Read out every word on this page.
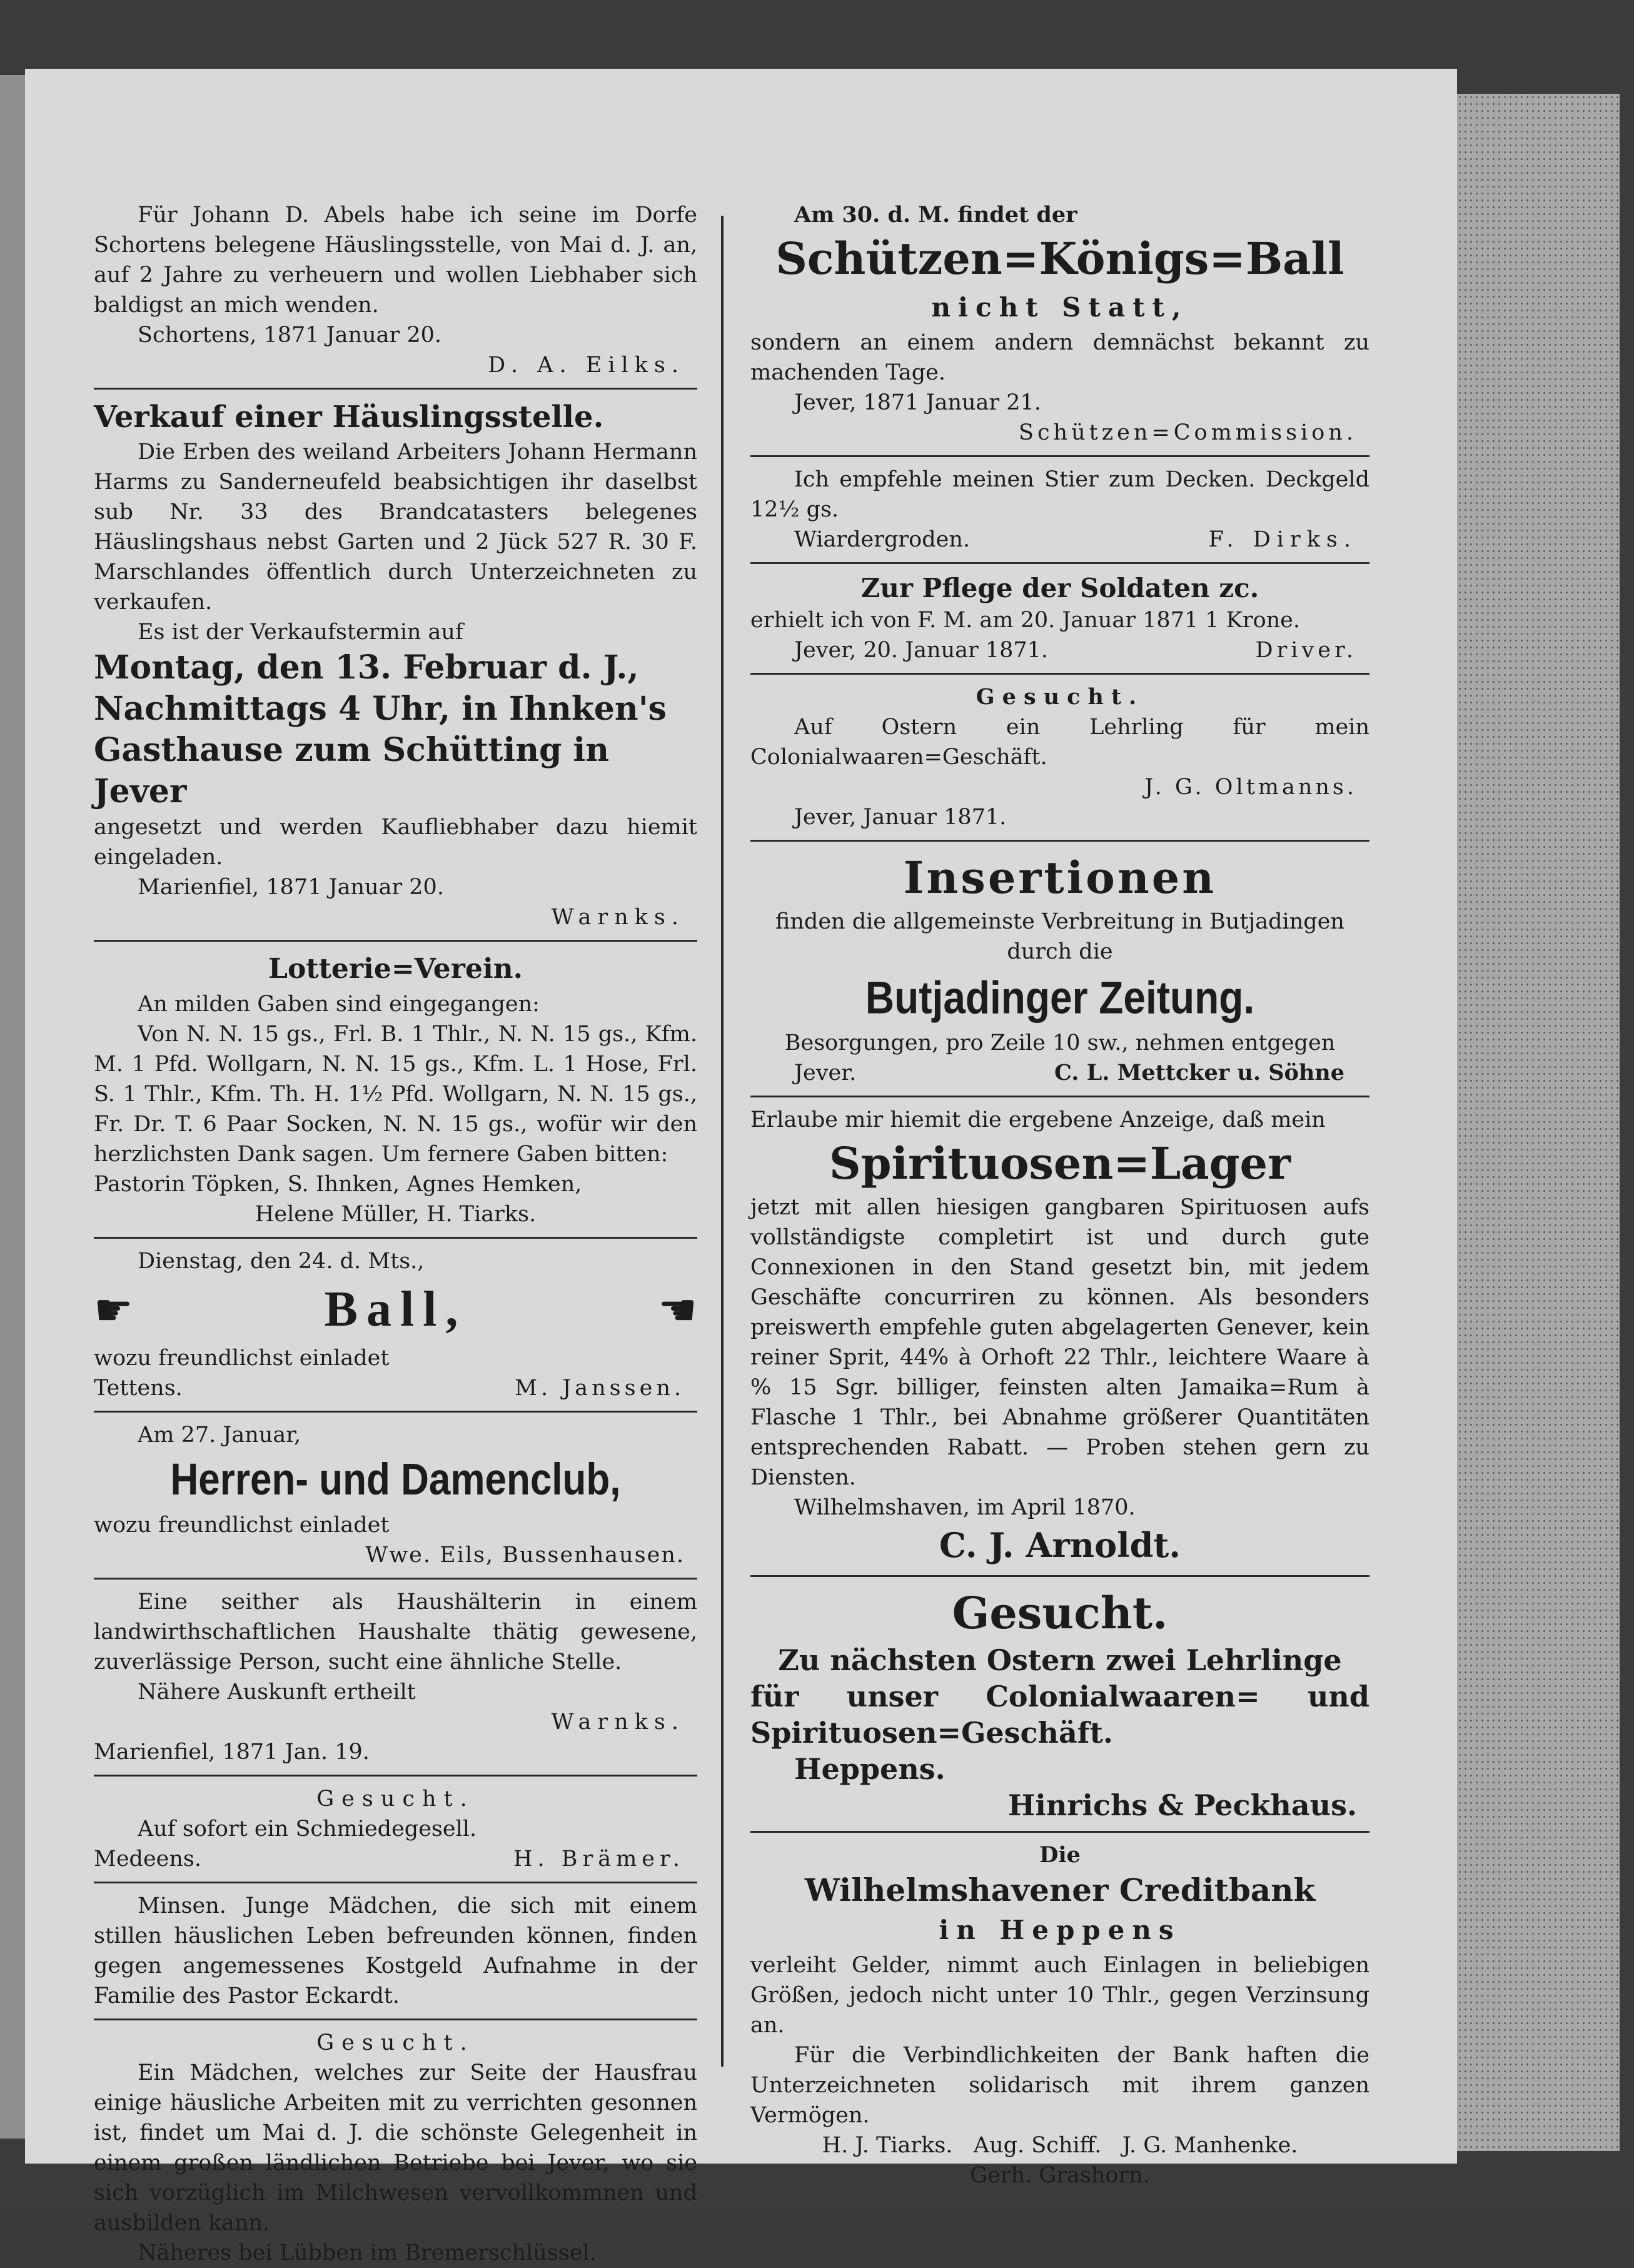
Für Johann D. Abels habe ich seine im Dorfe Schortens belegene Häuslingsstelle, von Mai d. J. an, auf 2 Jahre zu verheuern und wollen Liebhaber sich baldigst an mich wenden.

Schortens, 1871 Januar 20.

D. A. Eilks.
Verkauf einer Häuslingsstelle.

Die Erben des weiland Arbeiters Johann Hermann Harms zu Sanderneufeld beabsichtigen ihr daselbst sub Nr. 33 des Brandcatasters belegenes Häuslingshaus nebst Garten und 2 Jück 527 R. 30 F. Marschlandes öffentlich durch Unterzeichneten zu verkaufen.

Es ist der Verkaufstermin auf

Montag, den 13. Februar d. J.,
Nachmittags 4 Uhr, in Ihnken's
Gasthause zum Schütting in Jever

angesetzt und werden Kaufliebhaber dazu hiemit eingeladen.

Marienfiel, 1871 Januar 20.

Warnks.
Lotterie=Verein.

An milden Gaben sind eingegangen:

Von N. N. 15 gs., Frl. B. 1 Thlr., N. N. 15 gs., Kfm. M. 1 Pfd. Wollgarn, N. N. 15 gs., Kfm. L. 1 Hose, Frl. S. 1 Thlr., Kfm. Th. H. 1½ Pfd. Wollgarn, N. N. 15 gs., Fr. Dr. T. 6 Paar Socken, N. N. 15 gs., wofür wir den herzlichsten Dank sagen. Um fernere Gaben bitten:

Pastorin Töpken, S. Ihnken, Agnes Hemken,

Helene Müller, H. Tiarks.

Dienstag, den 24. d. Mts.,

☛	Ball,	☚

wozu freundlichst einladet

Tettens.	M. Janssen.

Am 27. Januar,

Herren- und Damenclub,

wozu freundlichst einladet

Wwe. Eils, Bussenhausen.

Eine seither als Haushälterin in einem landwirthschaftlichen Haushalte thätig gewesene, zuverlässige Person, sucht eine ähnliche Stelle.

Nähere Auskunft ertheilt

Warnks.

Marienfiel, 1871 Jan. 19.

Gesucht.

Auf sofort ein Schmiedegesell.

Medeens.	H. Brämer.

Minsen. Junge Mädchen, die sich mit einem stillen häuslichen Leben befreunden können, finden gegen angemessenes Kostgeld Aufnahme in der Familie des Pastor Eckardt.

Gesucht.

Ein Mädchen, welches zur Seite der Hausfrau einige häusliche Arbeiten mit zu verrichten gesonnen ist, findet um Mai d. J. die schönste Gelegenheit in einem großen ländlichen Betriebe bei Jever, wo sie sich vorzüglich im Milchwesen vervollkommnen und ausbilden kann.

Näheres bei Lübben im Bremerschlüssel.

Am 30. d. M. findet der

Schützen=Königs=Ball
nicht Statt,

sondern an einem andern demnächst bekannt zu machenden Tage.

Jever, 1871 Januar 21.

Schützen=Commission.

Ich empfehle meinen Stier zum Decken. Deckgeld 12½ gs.

Wiardergroden.	F. Dirks.
Zur Pflege der Soldaten zc.

erhielt ich von F. M. am 20. Januar 1871 1 Krone.

Jever, 20. Januar 1871.	Driver.
Gesucht.

Auf Ostern ein Lehrling für mein Colonialwaaren=Geschäft.

J. G. Oltmanns.

Jever, Januar 1871.

Insertionen

finden die allgemeinste Verbreitung in Butjadingen

durch die

Butjadinger Zeitung.

Besorgungen, pro Zeile 10 sw., nehmen entgegen

Jever.	C. L. Mettcker u. Söhne

Erlaube mir hiemit die ergebene Anzeige, daß mein

Spirituosen=Lager

jetzt mit allen hiesigen gangbaren Spirituosen aufs vollständigste completirt ist und durch gute Connexionen in den Stand gesetzt bin, mit jedem Geschäfte concurriren zu können. Als besonders preiswerth empfehle guten abgelagerten Genever, kein reiner Sprit, 44% à Orhoft 22 Thlr., leichtere Waare à % 15 Sgr. billiger, feinsten alten Jamaika=Rum à Flasche 1 Thlr., bei Abnahme größerer Quantitäten entsprechenden Rabatt. — Proben stehen gern zu Diensten.

Wilhelmshaven, im April 1870.

C. J. Arnoldt.
Gesucht.
Zu nächsten Ostern zwei Lehrlinge
für unser Colonialwaaren= und
Spirituosen=Geschäft.
Heppens.
Hinrichs & Peckhaus.
Die
Wilhelmshavener Creditbank
in Heppens

verleiht Gelder, nimmt auch Einlagen in beliebigen Größen, jedoch nicht unter 10 Thlr., gegen Verzinsung an.

Für die Verbindlichkeiten der Bank haften die Unterzeichneten solidarisch mit ihrem ganzen Vermögen.

H. J. Tiarks.   Aug. Schiff.   J. G. Manhenke.

Gerh. Grashorn.
